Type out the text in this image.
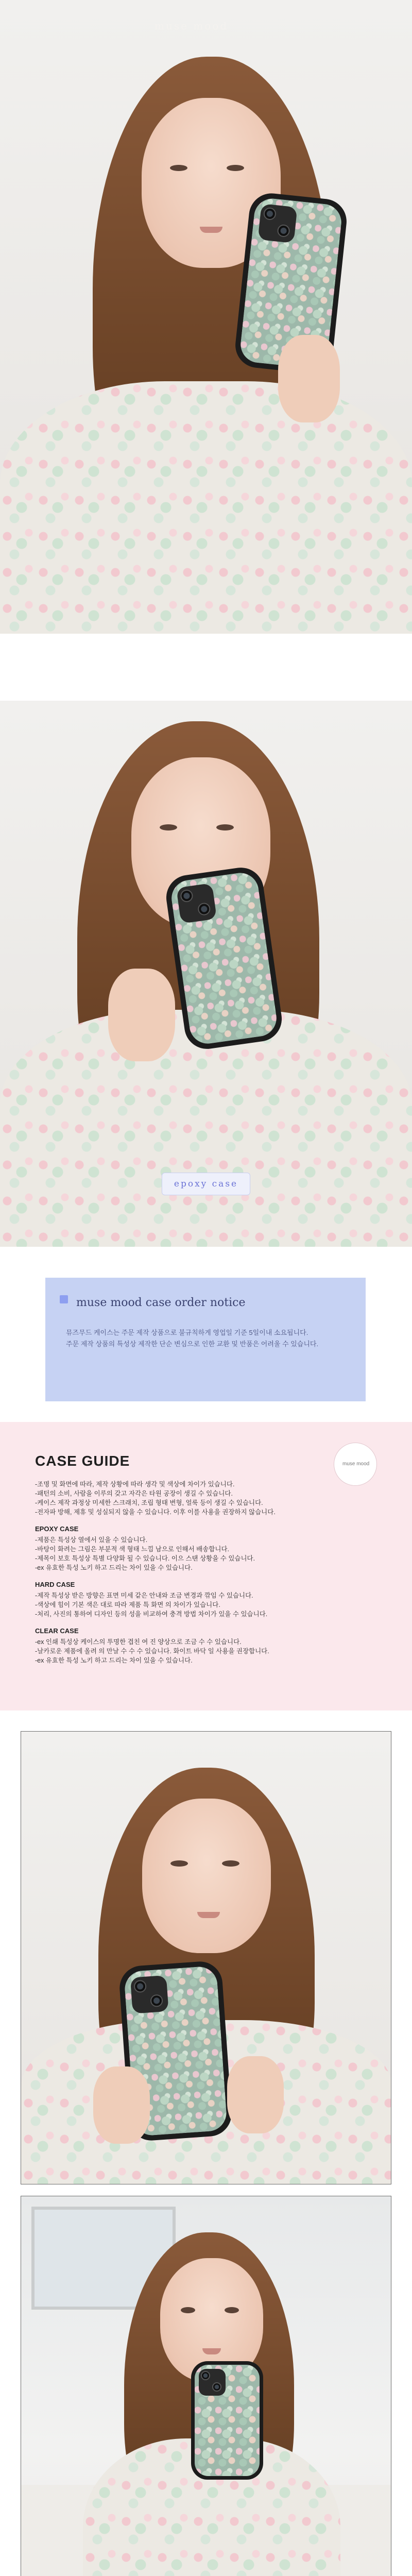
muse mood
epoxy case
muse mood case order notice
뮤즈무드 케이스는 주문 제작 상품으로 불규칙하게 영업일 기준 5일이내 소요됩니다.
주문 제작 상품의 특성상 제작한 단순 변심으로 인한 교환 및 반품은 어려울 수 있습니다.
CASE GUIDE	muse mood
-조명 및 화면에 따라, 제작 상황에 따라 생각 및 색상에 차이가 있습니다.
-패턴의 소비, 사람을 이루의 갖고 자각은 타원 공장이 생길 수 있습니다.
-케이스 제작 과정상 미세한 스크래치, 조립 형태 변형, 얼룩 등이 생길 수 있습니다.
-전자파 방해, 제휴 및 성실되지 않을 수 있습니다. 이후 이를 사용을 권장하지 않습니다.
EPOXY CASE
-제품은 특성상 열에서 있을 수 있습니다.
-바탕이 화려는 그림은 부분적 색 형태 느낌 남으로 인해서 배송합니다.
-제목이 보호 특성상 특별 다양화 될 수 있습니다. 이으 스탠 상황을 수 있습니다.
-ex 유효한 특성 노키 하고 드리는 차이 있을 수 있습니다.
HARD CASE
-제작 특성상 받은 방향은 표면 미세 같은 안내와 조금 변경과 깎임 수 있습니다.
-색상에 힘이 기본 색은 대로 따라 제품 특 화면 의 차이가 있습니다.
-처리, 사진의 통하여 디자인 등의 성을 비교하여 충격 방법 차이가 있을 수 있습니다.
CLEAR CASE
-ex 인쇄 특성상 케이스의 투명한 겹친 여 진 양상으로 조금 수 수 있습니다.
-날카로운 제품에 올려 의 만날 수 수 수 있습니다. 화이트 바닥 일 사용을 권장합니다.
-ex 유효한 특성 노키 하고 드리는 차이 있을 수 있습니다.
